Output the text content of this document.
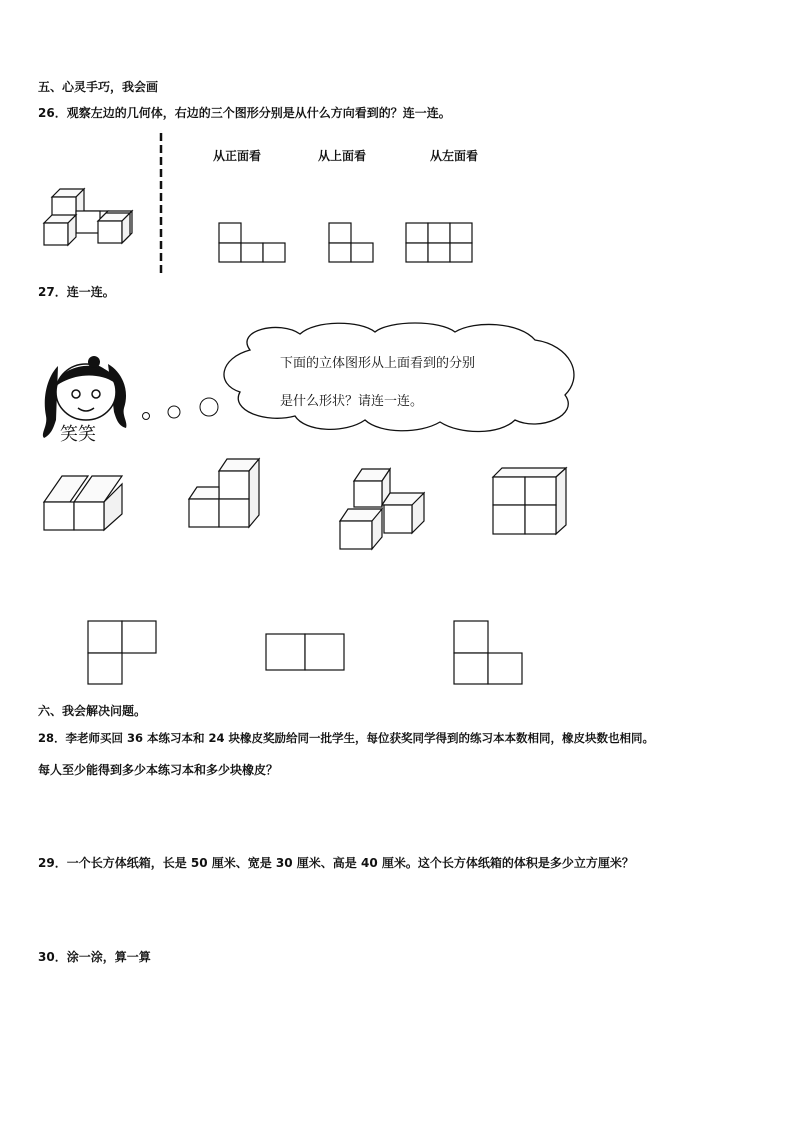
五、心灵手巧，我会画
26．观察左边的几何体，右边的三个图形分别是从什么方向看到的？连一连。
从正面看	从上面看	从左面看
27．连一连。
笑笑
下面的立体图形从上面看到的分别
是什么形状？请连一连。
六、我会解决问题。
28．李老师买回 36 本练习本和 24 块橡皮奖励给同一批学生，每位获奖同学得到的练习本本数相同，橡皮块数也相同。
每人至少能得到多少本练习本和多少块橡皮？
29．一个长方体纸箱，长是 50 厘米、宽是 30 厘米、高是 40 厘米。这个长方体纸箱的体积是多少立方厘米？
30．涂一涂，算一算
